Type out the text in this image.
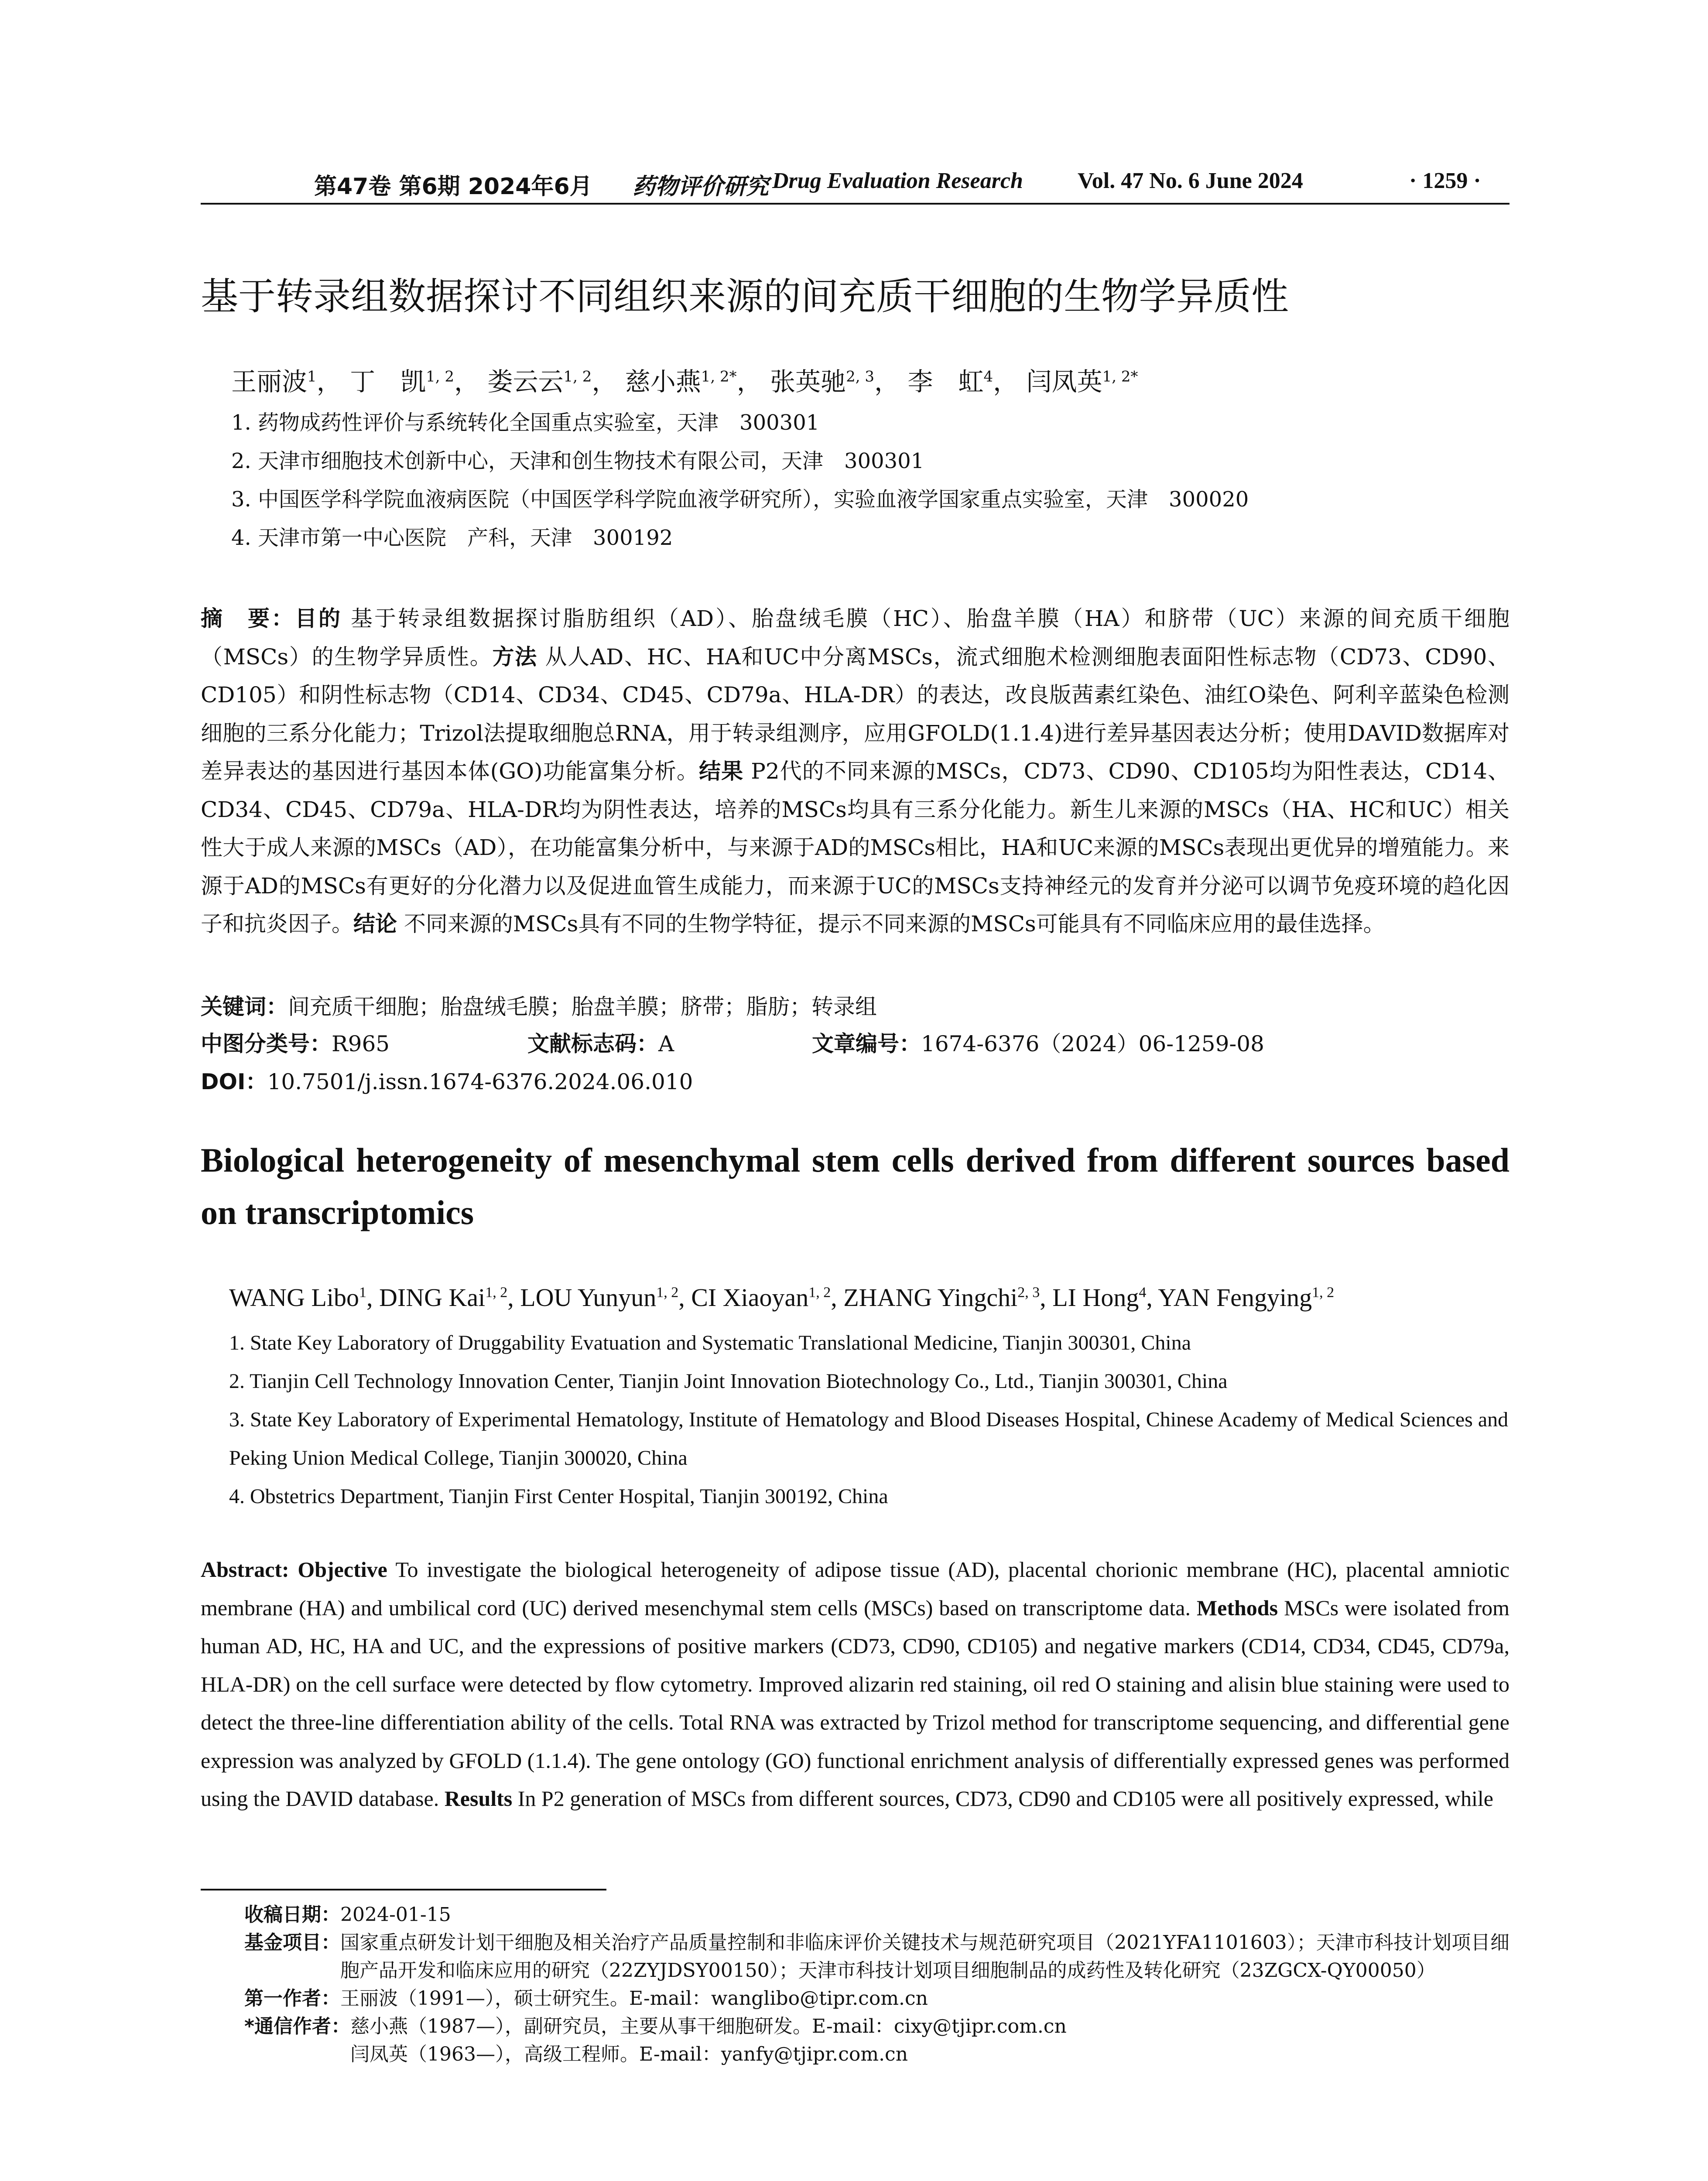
第47卷 第6期 2024年6月 药物评价研究 Drug Evaluation Research Vol. 47 No. 6 June 2024	· 1259 ·
基于转录组数据探讨不同组织来源的间充质干细胞的生物学异质性
王丽波$^1$， 丁　凯$^{1, 2}$， 娄云云$^{1, 2}$， 慈小燕$^{1, 2*}$， 张英驰$^{2, 3}$， 李　虹$^4$， 闫凤英$^{1, 2*}$
1. 药物成药性评价与系统转化全国重点实验室，天津　300301
2. 天津市细胞技术创新中心，天津和创生物技术有限公司，天津　300301
3. 中国医学科学院血液病医院（中国医学科学院血液学研究所），实验血液学国家重点实验室，天津　300020
4. 天津市第一中心医院　产科，天津　300192
摘　要：目的 基于转录组数据探讨脂肪组织（AD）、胎盘绒毛膜（HC）、胎盘羊膜（HA）和脐带（UC）来源的间充质干细胞（MSCs）的生物学异质性。方法 从人AD、HC、HA和UC中分离MSCs，流式细胞术检测细胞表面阳性标志物（CD73、CD90、CD105）和阴性标志物（CD14、CD34、CD45、CD79a、HLA-DR）的表达，改良版茜素红染色、油红O染色、阿利辛蓝染色检测细胞的三系分化能力；Trizol法提取细胞总RNA，用于转录组测序，应用GFOLD(1.1.4)进行差异基因表达分析；使用DAVID数据库对差异表达的基因进行基因本体(GO)功能富集分析。结果 P2代的不同来源的MSCs，CD73、CD90、CD105均为阳性表达，CD14、CD34、CD45、CD79a、HLA-DR均为阴性表达，培养的MSCs均具有三系分化能力。新生儿来源的MSCs（HA、HC和UC）相关性大于成人来源的MSCs（AD），在功能富集分析中，与来源于AD的MSCs相比，HA和UC来源的MSCs表现出更优异的增殖能力。来源于AD的MSCs有更好的分化潜力以及促进血管生成能力，而来源于UC的MSCs支持神经元的发育并分泌可以调节免疫环境的趋化因子和抗炎因子。结论 不同来源的MSCs具有不同的生物学特征，提示不同来源的MSCs可能具有不同临床应用的最佳选择。
关键词：间充质干细胞；胎盘绒毛膜；胎盘羊膜；脐带；脂肪；转录组
中图分类号：R965	文献标志码：A	文章编号：1674-6376（2024）06-1259-08
DOI：10.7501/j.issn.1674-6376.2024.06.010
Biological heterogeneity of mesenchymal stem cells derived from different sources based on transcriptomics
WANG Libo$^1$, DING Kai$^{1, 2}$, LOU Yunyun$^{1, 2}$, CI Xiaoyan$^{1, 2}$, ZHANG Yingchi$^{2, 3}$, LI Hong$^4$, YAN Fengying$^{1, 2}$
1. State Key Laboratory of Druggability Evatuation and Systematic Translational Medicine, Tianjin 300301, China
2. Tianjin Cell Technology Innovation Center, Tianjin Joint Innovation Biotechnology Co., Ltd., Tianjin 300301, China
3. State Key Laboratory of Experimental Hematology, Institute of Hematology and Blood Diseases Hospital, Chinese Academy of Medical Sciences and Peking Union Medical College, Tianjin 300020, China
4. Obstetrics Department, Tianjin First Center Hospital, Tianjin 300192, China
Abstract: Objective To investigate the biological heterogeneity of adipose tissue (AD), placental chorionic membrane (HC), placental amniotic membrane (HA) and umbilical cord (UC) derived mesenchymal stem cells (MSCs) based on transcriptome data. Methods MSCs were isolated from human AD, HC, HA and UC, and the expressions of positive markers (CD73, CD90, CD105) and negative markers (CD14, CD34, CD45, CD79a, HLA-DR) on the cell surface were detected by flow cytometry. Improved alizarin red staining, oil red O staining and alisin blue staining were used to detect the three-line differentiation ability of the cells. Total RNA was extracted by Trizol method for transcriptome sequencing, and differential gene expression was analyzed by GFOLD (1.1.4). The gene ontology (GO) functional enrichment analysis of differentially expressed genes was performed using the DAVID database. Results In P2 generation of MSCs from different sources, CD73, CD90 and CD105 were all positively expressed, while
收稿日期：2024-01-15
基金项目： 国家重点研发计划干细胞及相关治疗产品质量控制和非临床评价关键技术与规范研究项目（2021YFA1101603）；天津市科技计划项目细胞产品开发和临床应用的研究（22ZYJDSY00150）；天津市科技计划项目细胞制品的成药性及转化研究（23ZGCX-QY00050）
第一作者：王丽波（1991—），硕士研究生。E-mail：wanglibo@tipr.com.cn
*通信作者： 慈小燕（1987—），副研究员，主要从事干细胞研发。E-mail：cixy@tjipr.com.cn
闫凤英（1963—），高级工程师。E-mail：yanfy@tjipr.com.cn
